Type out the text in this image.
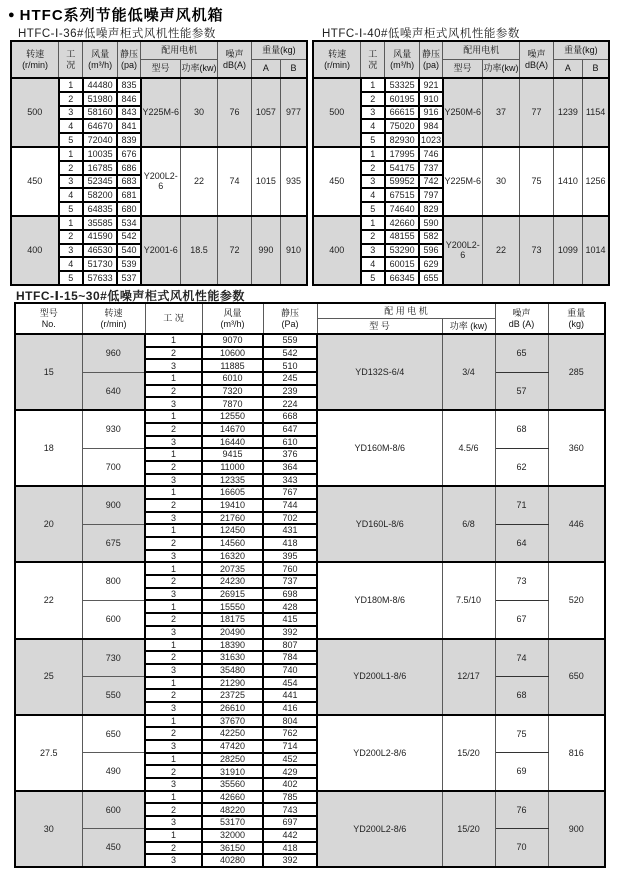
● HTFC系列节能低噪声风机箱
HTFC-Ⅰ-36#低噪声柜式风机性能参数	HTFC-Ⅰ-40#低噪声柜式风机性能参数
HTFC-Ⅰ-15~30#低噪声柜式风机性能参数
转速
(r/min)	工
况	风量
(m³/h)	静压
(pa)	配用电机		噪声
dB(A)	重量(kg)	
				型号	功率(kw)		A	B
500	1	44480	835	Y225M-6	30	76	1057	977
	2	51980	846					
	3	58160	843					
	4	64670	841					
	5	72040	839					
450	1	10035	676	Y200L2-6	22	74	1015	935
	2	16785	686					
	3	52345	683					
	4	58200	681					
	5	64835	680					
400	1	35585	534	Y2001-6	18.5	72	990	910
	2	41590	542					
	3	46530	540					
	4	51730	539					
	5	57633	537					
转速
(r/min)	工
况	风量
(m³/h)	静压
(pa)	配用电机		噪声
dB(A)	重量(kg)	
				型号	功率(kw)		A	B
500	1	53325	921	Y250M-6	37	77	1239	1154
	2	60195	910					
	3	66615	916					
	4	75020	984					
	5	82930	1023					
450	1	17995	746	Y225M-6	30	75	1410	1256
	2	54175	737					
	3	59952	742					
	4	67515	797					
	5	74640	829					
400	1	42660	590	Y200L2-6	22	73	1099	1014
	2	48155	582					
	3	53290	596					
	4	60015	629					
	5	66345	655					
型号
No.	转速
(r/min)	工 况	风量
(m³/h)	静压
(Pa)	配 用 电 机		噪声
dB (A)	重量
(kg)
					型 号	功率 (kw)		
15	960	1	9070	559	YD132S-6/4	3/4	65	285
		2	10600	542				
		3	11885	510				
	640	1	6010	245			57	
		2	7320	239				
		3	7870	224				
18	930	1	12550	668	YD160M-8/6	4.5/6	68	360
		2	14670	647				
		3	16440	610				
	700	1	9415	376			62	
		2	11000	364				
		3	12335	343				
20	900	1	16605	767	YD160L-8/6	6/8	71	446
		2	19410	744				
		3	21760	702				
	675	1	12450	431			64	
		2	14560	418				
		3	16320	395				
22	800	1	20735	760	YD180M-8/6	7.5/10	73	520
		2	24230	737				
		3	26915	698				
	600	1	15550	428			67	
		2	18175	415				
		3	20490	392				
25	730	1	18390	807	YD200L1-8/6	12/17	74	650
		2	31630	784				
		3	35480	740				
	550	1	21290	454			68	
		2	23725	441				
		3	26610	416				
27.5	650	1	37670	804	YD200L2-8/6	15/20	75	816
		2	42250	762				
		3	47420	714				
	490	1	28250	452			69	
		2	31910	429				
		3	35560	402				
30	600	1	42660	785	YD200L2-8/6	15/20	76	900
		2	48220	743				
		3	53170	697				
	450	1	32000	442			70	
		2	36150	418				
		3	40280	392				
